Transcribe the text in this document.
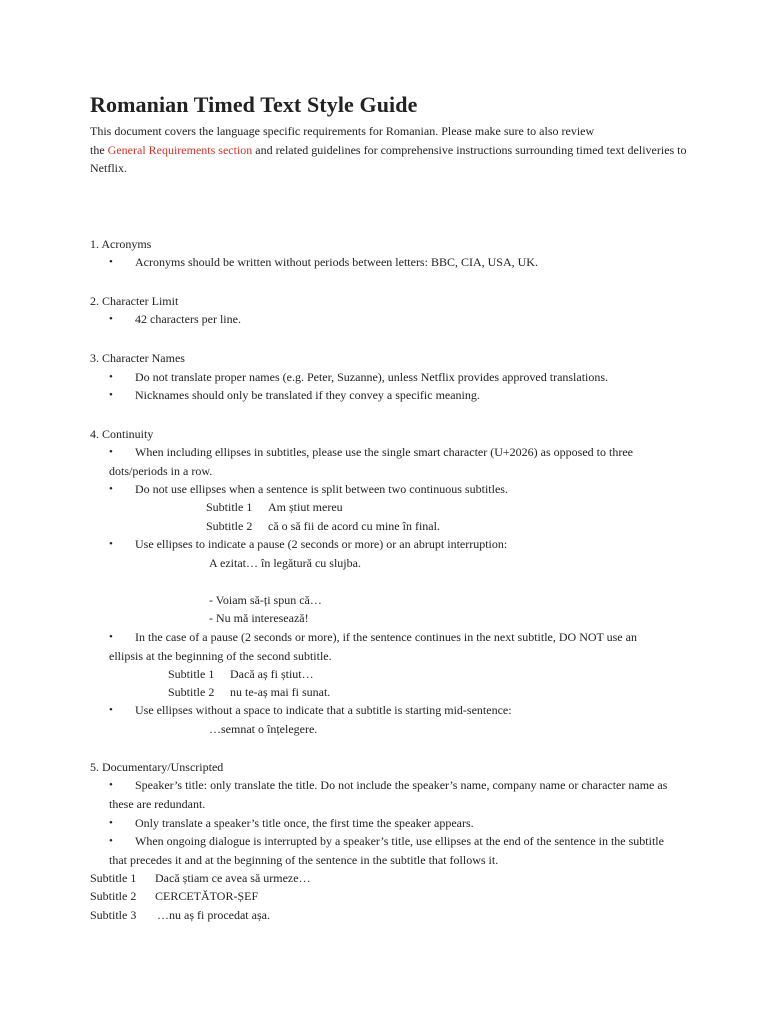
Romanian Timed Text Style Guide
This document covers the language specific requirements for Romanian. Please make sure to also review
the General Requirements section and related guidelines for comprehensive instructions surrounding timed text deliveries to Netflix.
1. Acronyms
• Acronyms should be written without periods between letters: BBC, CIA, USA, UK.
2. Character Limit
• 42 characters per line.
3. Character Names
• Do not translate proper names (e.g. Peter, Suzanne), unless Netflix provides approved translations.
• Nicknames should only be translated if they convey a specific meaning.
4. Continuity
• When including ellipses in subtitles, please use the single smart character (U+2026) as opposed to three dots/periods in a row.
• Do not use ellipses when a sentence is split between two continuous subtitles.
Subtitle 1 Am știut mereu
Subtitle 2 că o să fii de acord cu mine în final.
• Use ellipses to indicate a pause (2 seconds or more) or an abrupt interruption:
A ezitat… în legătură cu slujba.
- Voiam să-ți spun că…
- Nu mă interesează!
• In the case of a pause (2 seconds or more), if the sentence continues in the next subtitle, DO NOT use an ellipsis at the beginning of the second subtitle.
Subtitle 1 Dacă aș fi știut…
Subtitle 2 nu te-aș mai fi sunat.
• Use ellipses without a space to indicate that a subtitle is starting mid-sentence:
…semnat o înțelegere.
5. Documentary/Unscripted
• Speaker’s title: only translate the title. Do not include the speaker’s name, company name or character name as these are redundant.
• Only translate a speaker’s title once, the first time the speaker appears.
• When ongoing dialogue is interrupted by a speaker’s title, use ellipses at the end of the sentence in the subtitle that precedes it and at the beginning of the sentence in the subtitle that follows it.
Subtitle 1 Dacă știam ce avea să urmeze…
Subtitle 2 CERCETĂTOR-ȘEF
Subtitle 3 …nu aș fi procedat așa.
